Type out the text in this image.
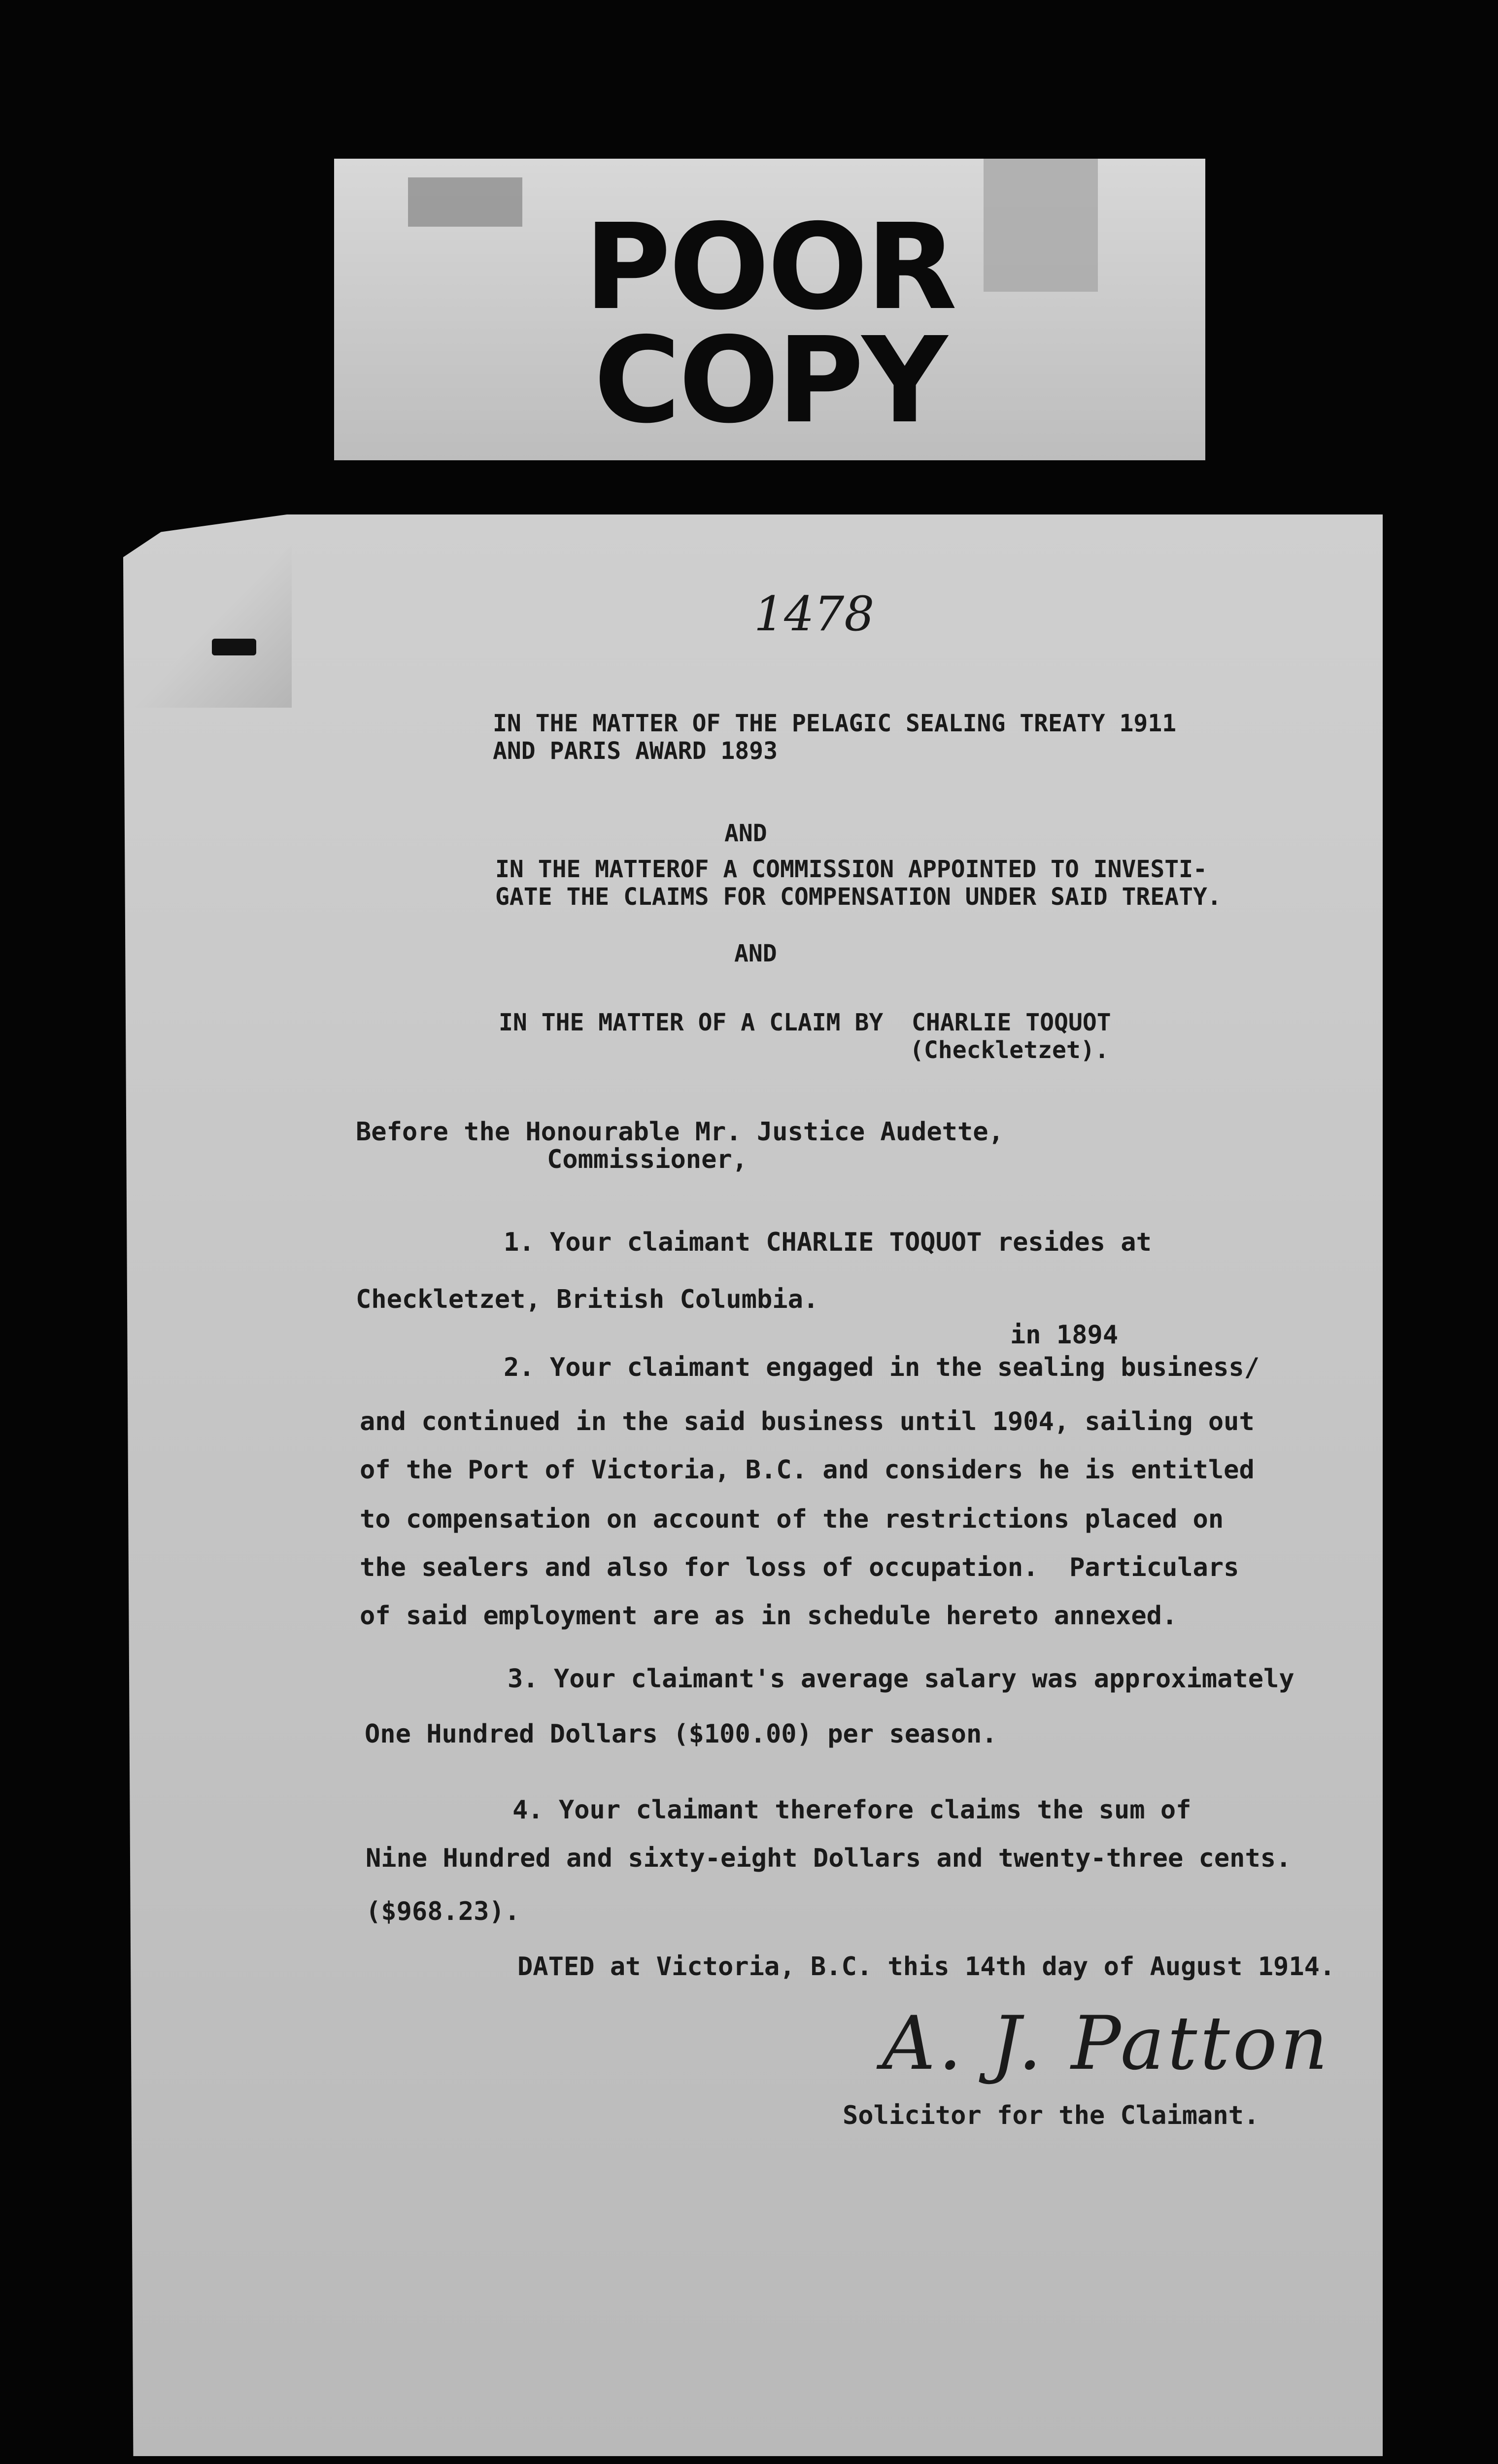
POOR
COPY
1478
IN THE MATTER OF THE PELAGIC SEALING TREATY 1911
AND PARIS AWARD 1893
AND
IN THE MATTEROF A COMMISSION APPOINTED TO INVESTI-
GATE THE CLAIMS FOR COMPENSATION UNDER SAID TREATY.
AND
IN THE MATTER OF A CLAIM BY  CHARLIE TOQUOT
(Checkletzet).
Before the Honourable Mr. Justice Audette,
Commissioner,
1. Your claimant CHARLIE TOQUOT resides at
Checkletzet, British Columbia.
in 1894
2. Your claimant engaged in the sealing business/
and continued in the said business until 1904, sailing out
of the Port of Victoria, B.C. and considers he is entitled
to compensation on account of the restrictions placed on
the sealers and also for loss of occupation.  Particulars
of said employment are as in schedule hereto annexed.
3. Your claimant's average salary was approximately
One Hundred Dollars ($100.00) per season.
4. Your claimant therefore claims the sum of
Nine Hundred and sixty-eight Dollars and twenty-three cents.
($968.23).
DATED at Victoria, B.C. this 14th day of August 1914.
A. J. Patton
Solicitor for the Claimant.
